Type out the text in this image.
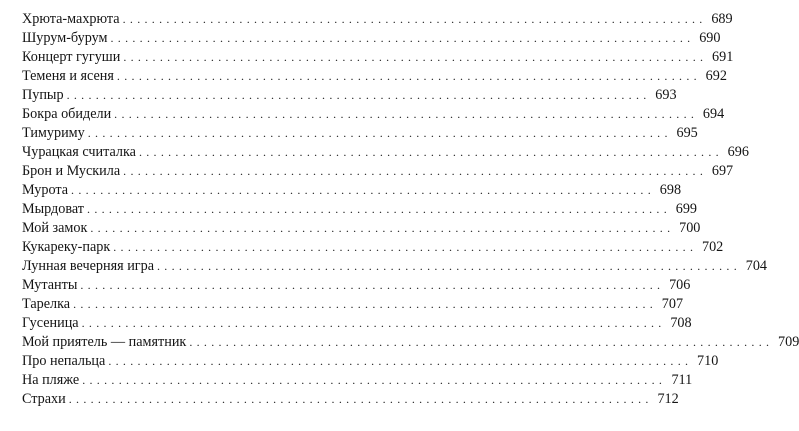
Хрюта-махрюта ................................................................................ 689
Шурум-бурум ................................................................................ 690
Концерт гугуши ................................................................................ 691
Теменя и ясеня ................................................................................ 692
Пупыр ................................................................................ 693
Бокра обидели ................................................................................ 694
Тимуриму ................................................................................ 695
Чурацкая считалка ................................................................................ 696
Брон и Мускила ................................................................................ 697
Мурота ................................................................................ 698
Мырдоват ................................................................................ 699
Мой замок ................................................................................ 700
Кукареку-парк ................................................................................ 702
Лунная вечерняя игра ................................................................................ 704
Мутанты ................................................................................ 706
Тарелка ................................................................................ 707
Гусеница ................................................................................ 708
Мой приятель — памятник ................................................................................ 709
Про непальца ................................................................................ 710
На пляже ................................................................................ 711
Страхи ................................................................................ 712
